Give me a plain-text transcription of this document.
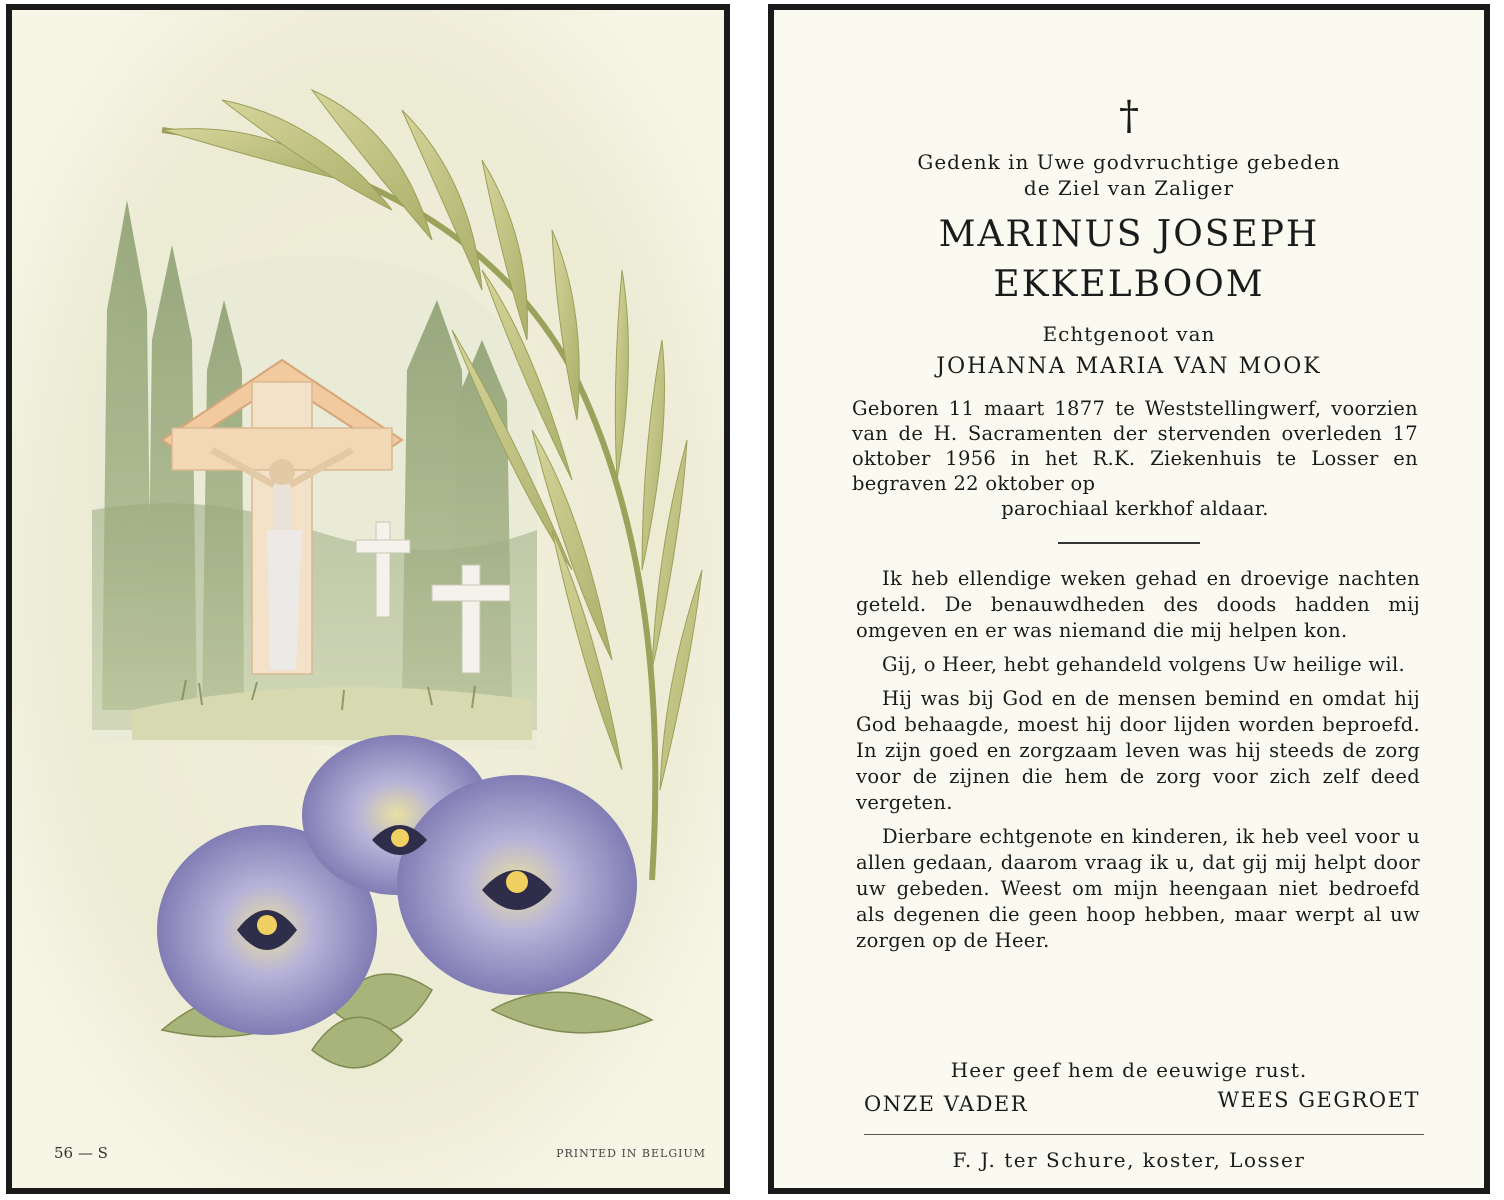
56 — S	PRINTED IN BELGIUM
†
Gedenk in Uwe godvruchtige gebeden
de Ziel van Zaliger
MARINUS JOSEPH
EKKELBOOM
Echtgenoot van
JOHANNA MARIA VAN MOOK
Geboren 11 maart 1877 te Weststellingwerf, voorzien van de H. Sacramenten der stervenden overleden 17 oktober 1956 in het R.K. Ziekenhuis te Losser en begraven 22 oktober op
parochiaal kerkhof aldaar.

Ik heb ellendige weken gehad en droevige nachten geteld. De benauwdheden des doods hadden mij omgeven en er was niemand die mij helpen kon.

Gij, o Heer, hebt gehandeld volgens Uw heilige wil.

Hij was bij God en de mensen bemind en omdat hij God behaagde, moest hij door lijden worden beproefd. In zijn goed en zorgzaam leven was hij steeds de zorg voor de zijnen die hem de zorg voor zich zelf deed vergeten.

Dierbare echtgenote en kinderen, ik heb veel voor u allen gedaan, daarom vraag ik u, dat gij mij helpt door uw gebeden. Weest om mijn heengaan niet bedroefd als degenen die geen hoop hebben, maar werpt al uw zorgen op de Heer.

Heer geef hem de eeuwige rust.
ONZE VADER	WEES GEGROET
F. J. ter Schure, koster, Losser
